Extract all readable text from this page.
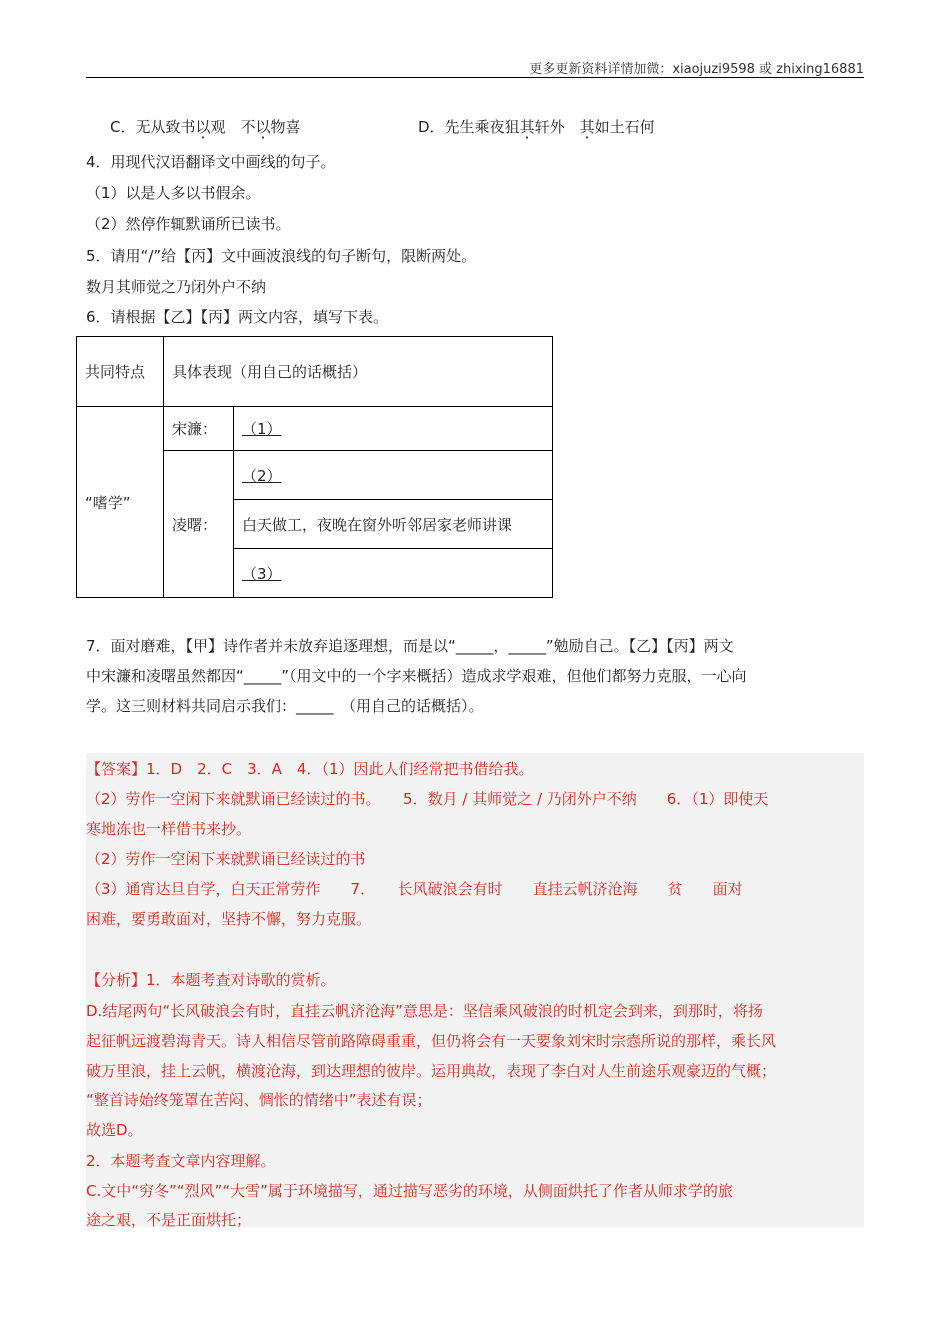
更多更新资料详情加微：xiaojuzi9598 或 zhixing16881
C．无从致书以观　不以物喜	D．先生乘夜狙其轩外　其如土石何
4．用现代汉语翻译文中画线的句子。
（1）以是人多以书假余。
（2）然停作辄默诵所已读书。
5．请用“/”给【丙】文中画波浪线的句子断句，限断两处。
数月其师觉之乃闭外户不纳
6．请根据【乙】【丙】两文内容，填写下表。
共同特点	具体表现（用自己的话概括）	
“嗜学”	宋濂：	（1）
	凌曙：	（2）
		白天做工，夜晚在窗外听邻居家老师讲课
		（3）
7．面对磨难，【甲】诗作者并未放弃追逐理想，而是以“_____，_____”勉励自己。【乙】【丙】两文
中宋濂和凌曙虽然都因“_____”（用文中的一个字来概括）造成求学艰难，但他们都努力克服，一心向
学。这三则材料共同启示我们：_____　（用自己的话概括）。
【答案】1．D　2．C　3．A　4．（1）因此人们经常把书借给我。
（2）劳作一空闲下来就默诵已经读过的书。　　5．数月 / 其师觉之 / 乃闭外户不纳　　6．（1）即使天
寒地冻也一样借书来抄。
（2）劳作一空闲下来就默诵已经读过的书
（3）通宵达旦自学，白天正常劳作　　7．　　长风破浪会有时　　直挂云帆济沧海　　贫　　面对
困难，要勇敢面对，坚持不懈，努力克服。
【分析】1．本题考查对诗歌的赏析。
D.结尾两句“长风破浪会有时，直挂云帆济沧海”意思是：坚信乘风破浪的时机定会到来，到那时，将扬
起征帆远渡碧海青天。诗人相信尽管前路障碍重重，但仍将会有一天要象刘宋时宗悫所说的那样，乘长风
破万里浪，挂上云帆，横渡沧海，到达理想的彼岸。运用典故，表现了李白对人生前途乐观豪迈的气概；
“整首诗始终笼罩在苦闷、惆怅的情绪中”表述有误；
故选D。
2．本题考查文章内容理解。
C.文中“穷冬”“烈风”“大雪”属于环境描写，通过描写恶劣的环境，从侧面烘托了作者从师求学的旅
途之艰，不是正面烘托；
